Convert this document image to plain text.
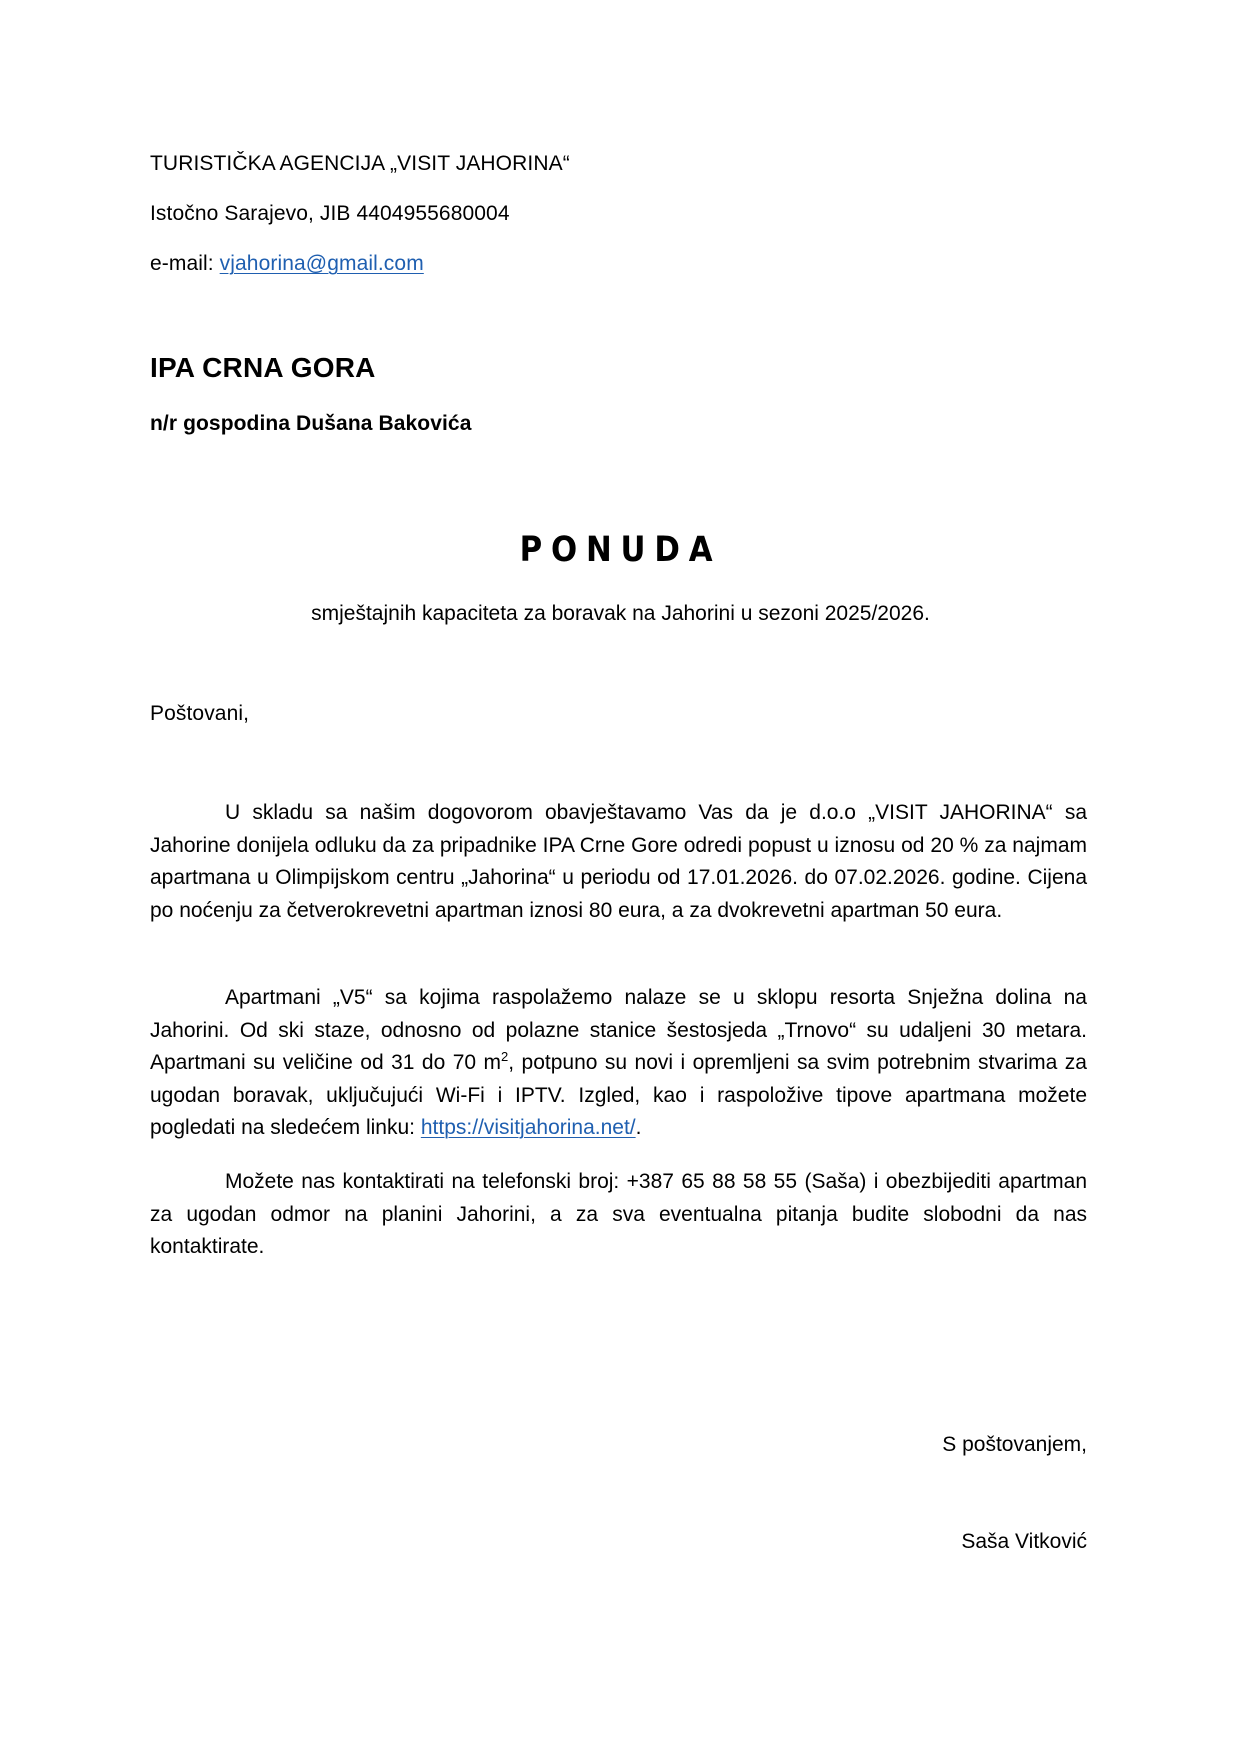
TURISTIČKA AGENCIJA „VISIT JAHORINA“
Istočno Sarajevo, JIB 4404955680004
e-mail: vjahorina@gmail.com
IPA CRNA GORA
n/r gospodina Dušana Bakovića
PONUDA
smještajnih kapaciteta za boravak na Jahorini u sezoni 2025/2026.
Poštovani,
U skladu sa našim dogovorom obavještavamo Vas da je d.o.o „VISIT JAHORINA“ sa Jahorine donijela odluku da za pripadnike IPA Crne Gore odredi popust u iznosu od 20 % za najmam apartmana u Olimpijskom centru „Jahorina“ u periodu od 17.01.2026. do 07.02.2026. godine. Cijena po noćenju za četverokrevetni apartman iznosi 80 eura, a za dvokrevetni apartman 50 eura.
Apartmani „V5“ sa kojima raspolažemo nalaze se u sklopu resorta Snježna dolina na Jahorini. Od ski staze, odnosno od polazne stanice šestosjeda „Trnovo“ su udaljeni 30 metara. Apartmani su veličine od 31 do 70 $m^2$, potpuno su novi i opremljeni sa svim potrebnim stvarima za ugodan boravak, uključujući Wi-Fi i IPTV. Izgled, kao i raspoložive tipove apartmana možete pogledati na sledećem linku: https://visitjahorina.net/.
Možete nas kontaktirati na telefonski broj: +387 65 88 58 55 (Saša) i obezbijediti apartman za ugodan odmor na planini Jahorini, a za sva eventualna pitanja budite slobodni da nas kontaktirate.
S poštovanjem,
Saša Vitković
